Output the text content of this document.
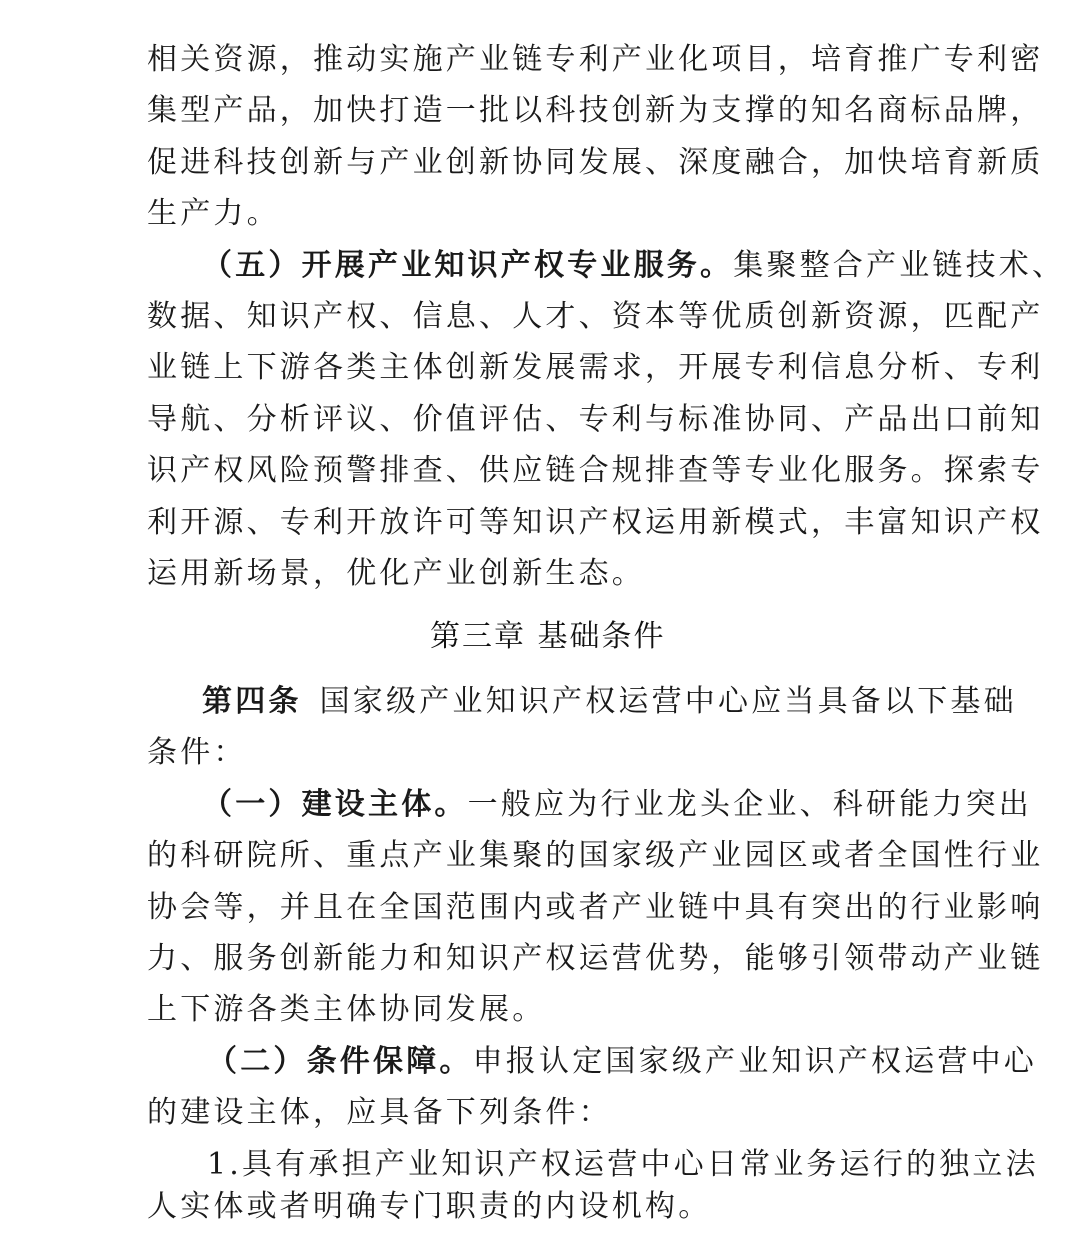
相关资源，推动实施产业链专利产业化项目，培育推广专利密
集型产品，加快打造一批以科技创新为支撑的知名商标品牌，
促进科技创新与产业创新协同发展、深度融合，加快培育新质
生产力。
（五）开展产业知识产权专业服务。集聚整合产业链技术、
数据、知识产权、信息、人才、资本等优质创新资源，匹配产
业链上下游各类主体创新发展需求，开展专利信息分析、专利
导航、分析评议、价值评估、专利与标准协同、产品出口前知
识产权风险预警排查、供应链合规排查等专业化服务。探索专
利开源、专利开放许可等知识产权运用新模式，丰富知识产权
运用新场景，优化产业创新生态。
第三章 基础条件
第四条 国家级产业知识产权运营中心应当具备以下基础
条件：
（一）建设主体。一般应为行业龙头企业、科研能力突出
的科研院所、重点产业集聚的国家级产业园区或者全国性行业
协会等，并且在全国范围内或者产业链中具有突出的行业影响
力、服务创新能力和知识产权运营优势，能够引领带动产业链
上下游各类主体协同发展。
（二）条件保障。申报认定国家级产业知识产权运营中心
的建设主体，应具备下列条件：
1.具有承担产业知识产权运营中心日常业务运行的独立法
人实体或者明确专门职责的内设机构。
